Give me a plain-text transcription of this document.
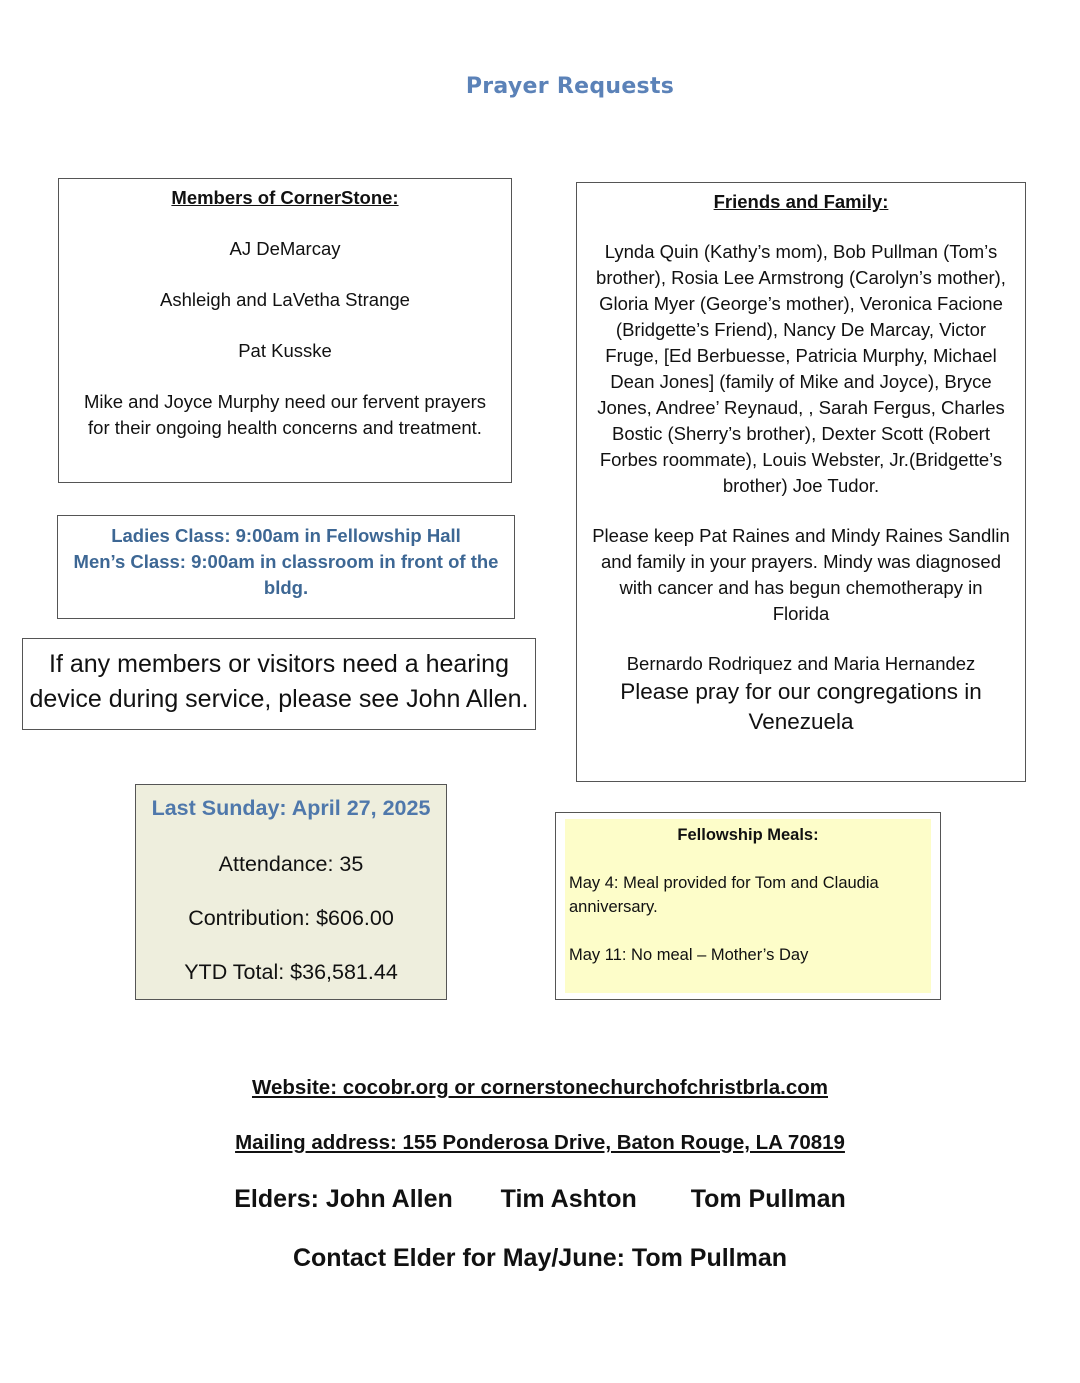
Prayer Requests

Members of CornerStone:

AJ DeMarcay

Ashleigh and LaVetha Strange

Pat Kusske

Mike and Joyce Murphy need our fervent prayers for their ongoing health concerns and treatment.

Ladies Class: 9:00am in Fellowship Hall
Men’s Class: 9:00am in classroom in front of the bldg.
If any members or visitors need a hearing device during service, please see John Allen.

Friends and Family:

Lynda Quin (Kathy’s mom), Bob Pullman (Tom’s brother), Rosia Lee Armstrong (Carolyn’s mother), Gloria Myer (George’s mother), Veronica Facione (Bridgette’s Friend), Nancy De Marcay, Victor Fruge, [Ed Berbuesse, Patricia Murphy, Michael Dean Jones] (family of Mike and Joyce), Bryce Jones, Andree’ Reynaud, , Sarah Fergus, Charles Bostic (Sherry’s brother), Dexter Scott (Robert Forbes roommate), Louis Webster, Jr.(Bridgette’s brother) Joe Tudor.

Please keep Pat Raines and Mindy Raines Sandlin and family in your prayers. Mindy was diagnosed with cancer and has begun chemotherapy in Florida

Bernardo Rodriquez and Maria Hernandez

Please pray for our congregations in Venezuela

Last Sunday: April 27, 2025

Attendance: 35

Contribution: $606.00

YTD Total: $36,581.44

Fellowship Meals:

May 4: Meal provided for Tom and Claudia anniversary.

May 11: No meal – Mother’s Day

Website: cocobr.org or cornerstonechurchofchristbrla.com
Mailing address: 155 Ponderosa Drive, Baton Rouge, LA 70819
Elders: John Allen Tim Ashton Tom Pullman
Contact Elder for May/June: Tom Pullman
